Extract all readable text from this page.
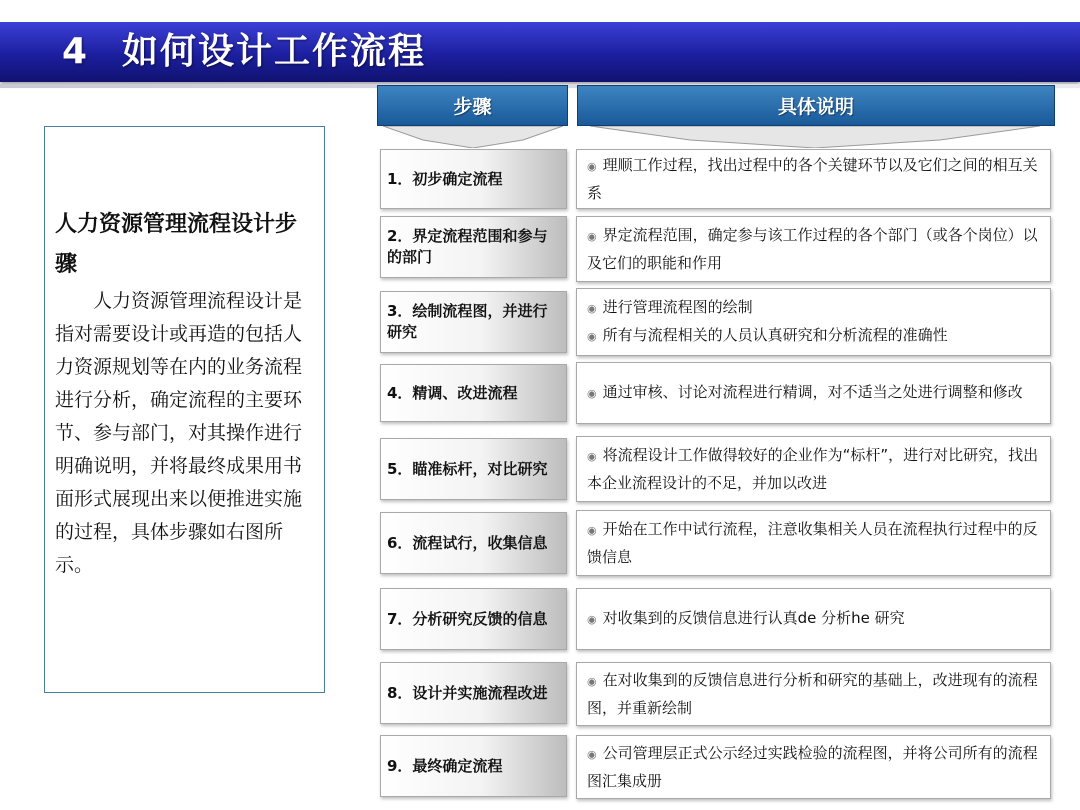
4 如何设计工作流程
人力资源管理流程设计步骤
人力资源管理流程设计是指对需要设计或再造的包括人力资源规划等在内的业务流程进行分析，确定流程的主要环节、参与部门，对其操作进行明确说明，并将最终成果用书面形式展现出来以便推进实施的过程，具体步骤如右图所示。
步骤	具体说明
1．初步确定流程
◉ 理顺工作过程，找出过程中的各个关键环节以及它们之间的相互关系
2．界定流程范围和参与的部门
◉ 界定流程范围，确定参与该工作过程的各个部门（或各个岗位）以及它们的职能和作用
3．绘制流程图，并进行研究
◉ 进行管理流程图的绘制
◉ 所有与流程相关的人员认真研究和分析流程的准确性
4．精调、改进流程	◉ 通过审核、讨论对流程进行精调，对不适当之处进行调整和修改
5．瞄准标杆，对比研究
◉ 将流程设计工作做得较好的企业作为“标杆”，进行对比研究，找出本企业流程设计的不足，并加以改进
6．流程试行，收集信息
◉ 开始在工作中试行流程，注意收集相关人员在流程执行过程中的反馈信息
7．分析研究反馈的信息	◉ 对收集到的反馈信息进行认真de 分析he 研究
8．设计并实施流程改进
◉ 在对收集到的反馈信息进行分析和研究的基础上，改进现有的流程图，并重新绘制
9．最终确定流程
◉ 公司管理层正式公示经过实践检验的流程图，并将公司所有的流程图汇集成册
